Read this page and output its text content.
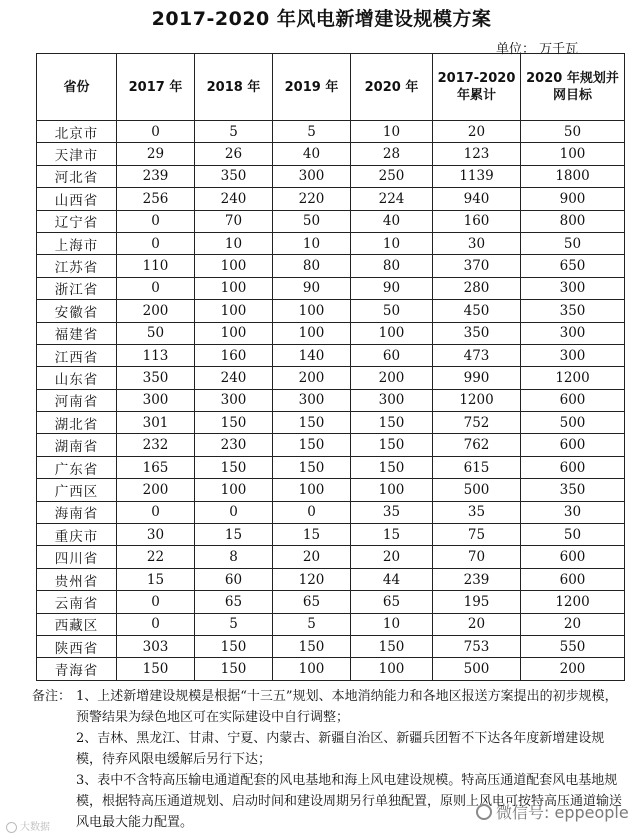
2017-2020 年风电新增建设规模方案
单位： 万千瓦
省份	2017 年	2018 年	2019 年	2020 年	2017-2020 年累计	2020 年规划并网目标
北京市	0	5	5	10	20	50
天津市	29	26	40	28	123	100
河北省	239	350	300	250	1139	1800
山西省	256	240	220	224	940	900
辽宁省	0	70	50	40	160	800
上海市	0	10	10	10	30	50
江苏省	110	100	80	80	370	650
浙江省	0	100	90	90	280	300
安徽省	200	100	100	50	450	350
福建省	50	100	100	100	350	300
江西省	113	160	140	60	473	300
山东省	350	240	200	200	990	1200
河南省	300	300	300	300	1200	600
湖北省	301	150	150	150	752	500
湖南省	232	230	150	150	762	600
广东省	165	150	150	150	615	600
广西区	200	100	100	100	500	350
海南省	0	0	0	35	35	30
重庆市	30	15	15	15	75	50
四川省	22	8	20	20	70	600
贵州省	15	60	120	44	239	600
云南省	0	65	65	65	195	1200
西藏区	0	5	5	10	20	20
陕西省	303	150	150	150	753	550
青海省	150	150	100	100	500	200
备注： 1、上述新增建设规模是根据“十三五”规划、本地消纳能力和各地区报送方案提出的初步规模，预警结果为绿色地区可在实际建设中自行调整；

2、吉林、黑龙江、甘肃、宁夏、内蒙古、新疆自治区、新疆兵团暂不下达各年度新增建设规模，待弃风限电缓解后另行下达；

3、表中不含特高压输电通道配套的风电基地和海上风电建设规模。特高压通道配套风电基地规模，根据特高压通道规划、启动时间和建设周期另行单独配置，原则上风电可按特高压通道输送风电最大能力配置。

大数据
微信号: eppeople
